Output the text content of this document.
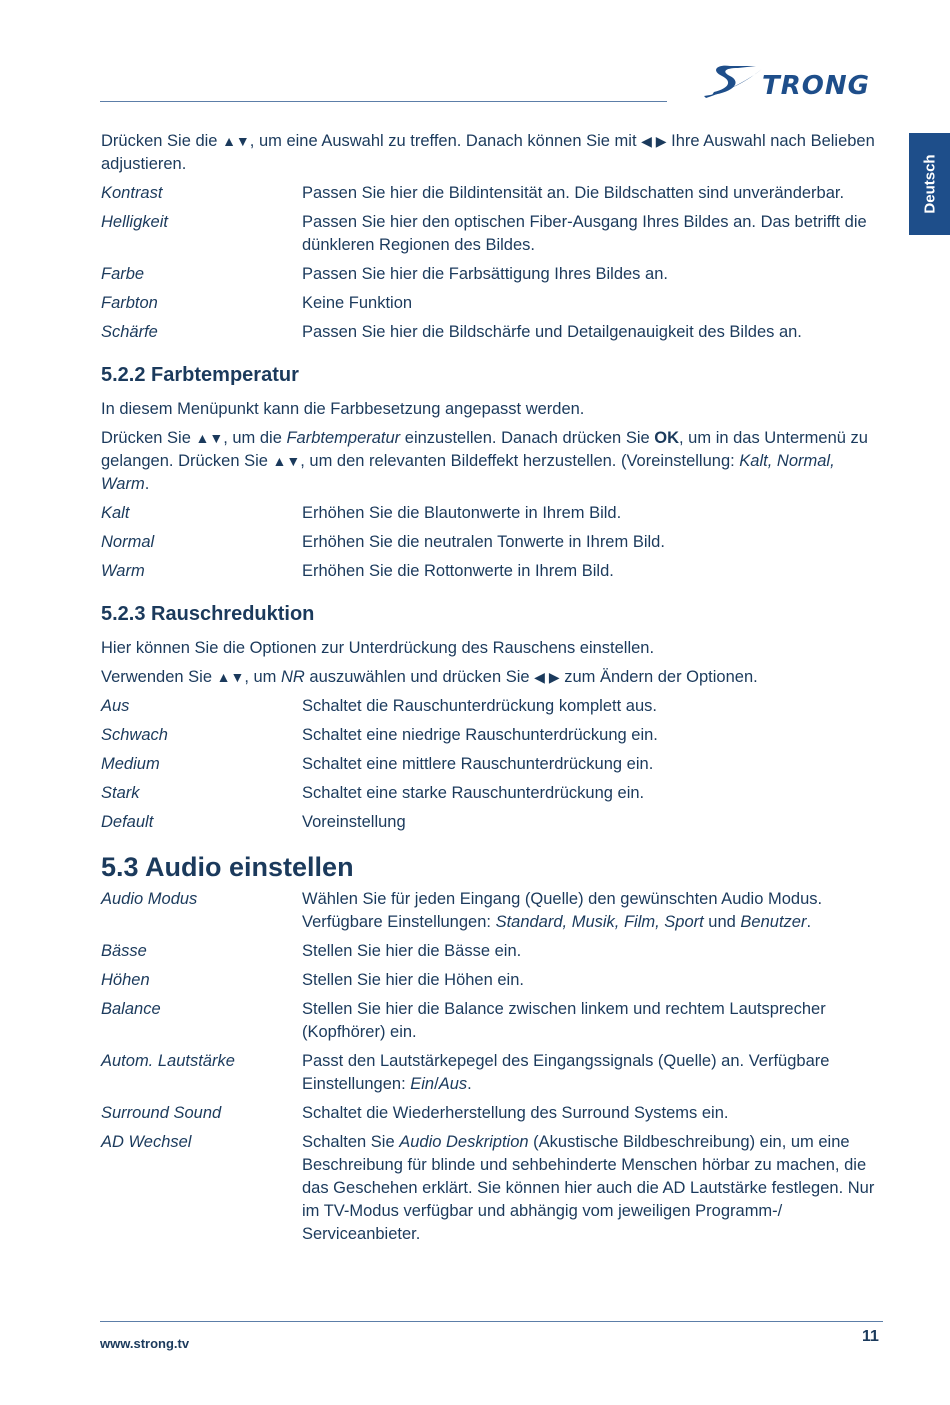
TRONG
Deutsch

Drücken Sie die ▲▼, um eine Auswahl zu treffen. Danach können Sie mit ◀ ▶ Ihre Auswahl nach Belieben adjustieren.

Kontrast	Passen Sie hier die Bildintensität an. Die Bildschatten sind unveränderbar.
Helligkeit	Passen Sie hier den optischen Fiber-Ausgang Ihres Bildes an. Das betrifft die dünkleren Regionen des Bildes.
Farbe	Passen Sie hier die Farbsättigung Ihres Bildes an.
Farbton	Keine Funktion
Schärfe	Passen Sie hier die Bildschärfe und Detailgenauigkeit des Bildes an.
5.2.2 Farbtemperatur

In diesem Menüpunkt kann die Farbbesetzung angepasst werden.

Drücken Sie ▲▼, um die Farbtemperatur einzustellen. Danach drücken Sie OK, um in das Untermenü zu gelangen. Drücken Sie ▲▼, um den relevanten Bildeffekt herzustellen. (Voreinstellung: Kalt, Normal, Warm.

Kalt	Erhöhen Sie die Blautonwerte in Ihrem Bild.
Normal	Erhöhen Sie die neutralen Tonwerte in Ihrem Bild.
Warm	Erhöhen Sie die Rottonwerte in Ihrem Bild.
5.2.3 Rauschreduktion

Hier können Sie die Optionen zur Unterdrückung des Rauschens einstellen.

Verwenden Sie ▲▼, um NR auszuwählen und drücken Sie ◀ ▶ zum Ändern der Optionen.

Aus	Schaltet die Rauschunterdrückung komplett aus.
Schwach	Schaltet eine niedrige Rauschunterdrückung ein.
Medium	Schaltet eine mittlere Rauschunterdrückung ein.
Stark	Schaltet eine starke Rauschunterdrückung ein.
Default	Voreinstellung
5.3 Audio einstellen
Audio Modus	Wählen Sie für jeden Eingang (Quelle) den gewünschten Audio Modus. Verfügbare Einstellungen: Standard, Musik, Film, Sport und Benutzer.
Bässe	Stellen Sie hier die Bässe ein.
Höhen	Stellen Sie hier die Höhen ein.
Balance	Stellen Sie hier die Balance zwischen linkem und rechtem Lautsprecher (Kopfhörer) ein.
Autom. Lautstärke	Passt den Lautstärkepegel des Eingangssignals (Quelle) an. Verfügbare Einstellungen: Ein/Aus.
Surround Sound	Schaltet die Wiederherstellung des Surround Systems ein.
AD Wechsel	Schalten Sie Audio Deskription (Akustische Bildbeschreibung) ein, um eine Beschreibung für blinde und sehbehinderte Menschen hörbar zu machen, die das Geschehen erklärt. Sie können hier auch die AD Lautstärke festlegen. Nur im TV-Modus verfügbar und abhängig vom jeweiligen Programm-/ Serviceanbieter.
www.strong.tv	11
